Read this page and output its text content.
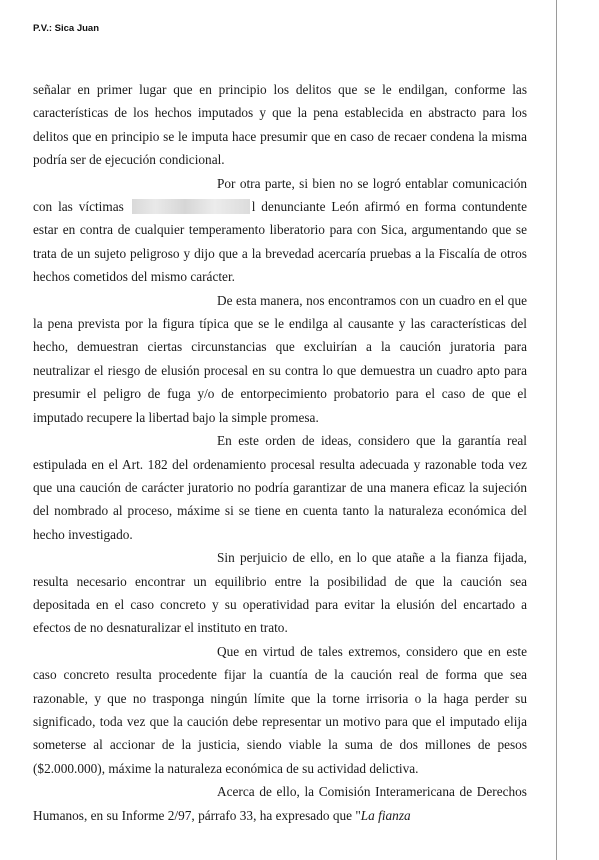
P.V.: Sica Juan

señalar en primer lugar que en principio los delitos que se le endilgan, conforme las características de los hechos imputados y que la pena establecida en abstracto para los delitos que en principio se le imputa hace presumir que en caso de recaer condena la misma podría ser de ejecución condicional.

Por otra parte, si bien no se logró entablar comunicación con las víctimas	l denunciante León afirmó en forma contundente estar en contra de cualquier temperamento liberatorio para con Sica, argumentando que se trata de un sujeto peligroso y dijo que a la brevedad acercaría pruebas a la Fiscalía de otros hechos cometidos del mismo carácter.

De esta manera, nos encontramos con un cuadro en el que la pena prevista por la figura típica que se le endilga al causante y las características del hecho, demuestran ciertas circunstancias que excluirían a la caución juratoria para neutralizar el riesgo de elusión procesal en su contra lo que demuestra un cuadro apto para presumir el peligro de fuga y/o de entorpecimiento probatorio para el caso de que el imputado recupere la libertad bajo la simple promesa.

En este orden de ideas, considero que la garantía real estipulada en el Art. 182 del ordenamiento procesal resulta adecuada y razonable toda vez que una caución de carácter juratorio no podría garantizar de una manera eficaz la sujeción del nombrado al proceso, máxime si se tiene en cuenta tanto la naturaleza económica del hecho investigado.

Sin perjuicio de ello, en lo que atañe a la fianza fijada, resulta necesario encontrar un equilibrio entre la posibilidad de que la caución sea depositada en el caso concreto y su operatividad para evitar la elusión del encartado a efectos de no desnaturalizar el instituto en trato.

Que en virtud de tales extremos, considero que en este caso concreto resulta procedente fijar la cuantía de la caución real de forma que sea razonable, y que no trasponga ningún límite que la torne irrisoria o la haga perder su significado, toda vez que la caución debe representar un motivo para que el imputado elija someterse al accionar de la justicia, siendo viable la suma de dos millones de pesos ($2.000.000), máxime la naturaleza económica de su actividad delictiva.

Acerca de ello, la Comisión Interamericana de Derechos Humanos, en su Informe 2/97, párrafo 33, ha expresado que "La fianza
